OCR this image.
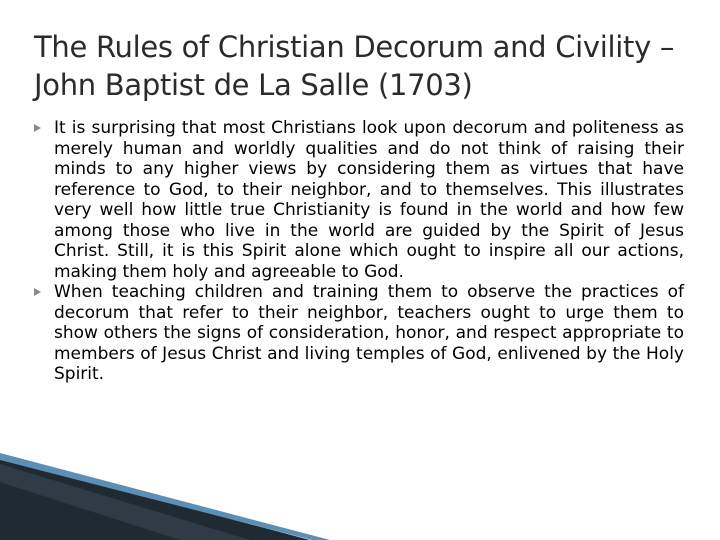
The Rules of Christian Decorum and Civility – John Baptist de La Salle (1703)

It is surprising that most Christians look upon decorum and politeness as merely human and worldly qualities and do not think of raising their minds to any higher views by considering them as virtues that have reference to God, to their neighbor, and to themselves. This illustrates very well how little true Christianity is found in the world and how few among those who live in the world are guided by the Spirit of Jesus Christ. Still, it is this Spirit alone which ought to inspire all our actions, making them holy and agreeable to God.

When teaching children and training them to observe the practices of decorum that refer to their neighbor, teachers ought to urge them to show others the signs of consideration, honor, and respect appropriate to members of Jesus Christ and living temples of God, enlivened by the Holy Spirit.
